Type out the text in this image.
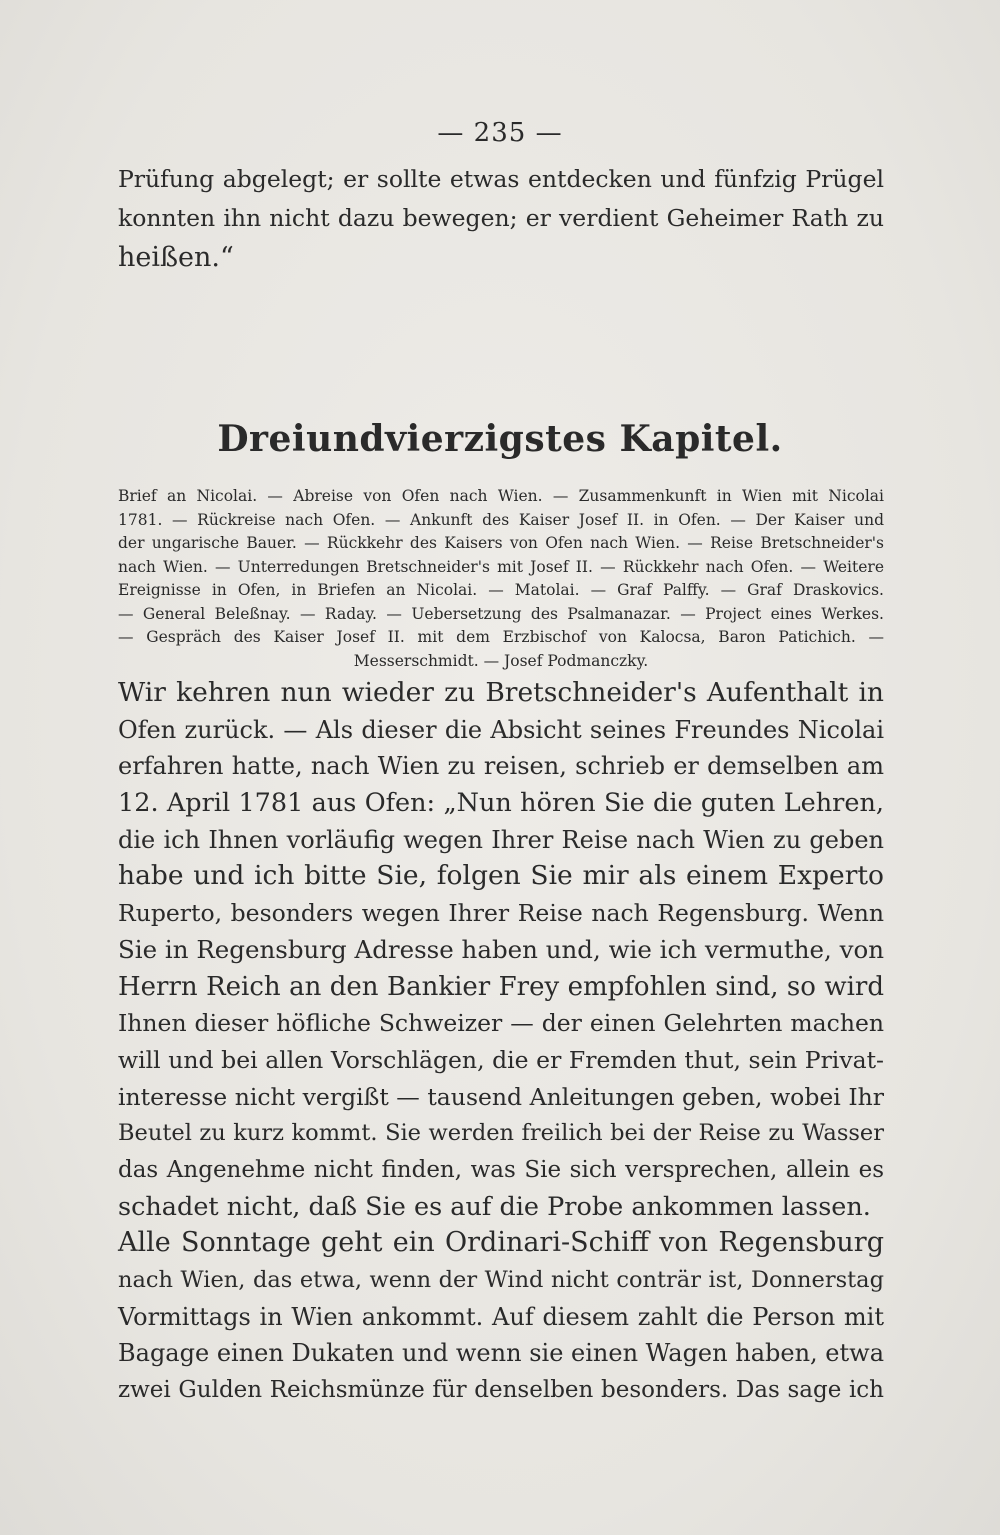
— 235 —
Prüfung abgelegt; er sollte etwas entdecken und fünfzig Prügel
konnten ihn nicht dazu bewegen; er verdient Geheimer Rath zu
heißen.“
Dreiundvierzigstes Kapitel.
Brief an Nicolai. — Abreise von Ofen nach Wien. — Zusammenkunft in Wien mit Nicolai
1781. — Rückreise nach Ofen. — Ankunft des Kaiser Josef II. in Ofen. — Der Kaiser und
der ungarische Bauer. — Rückkehr des Kaisers von Ofen nach Wien. — Reise Bretschneider's
nach Wien. — Unterredungen Bretschneider's mit Josef II. — Rückkehr nach Ofen. — Weitere
Ereignisse in Ofen, in Briefen an Nicolai. — Matolai. — Graf Palffy. — Graf Draskovics.
— General Beleßnay. — Raday. — Uebersetzung des Psalmanazar. — Project eines Werkes.
— Gespräch des Kaiser Josef II. mit dem Erzbischof von Kalocsa, Baron Patichich. —
Messerschmidt. — Josef Podmanczky.
Wir kehren nun wieder zu Bretschneider's Aufenthalt in
Ofen zurück. — Als dieser die Absicht seines Freundes Nicolai
erfahren hatte, nach Wien zu reisen, schrieb er demselben am
12. April 1781 aus Ofen: „Nun hören Sie die guten Lehren,
die ich Ihnen vorläufig wegen Ihrer Reise nach Wien zu geben
habe und ich bitte Sie, folgen Sie mir als einem Experto
Ruperto, besonders wegen Ihrer Reise nach Regensburg. Wenn
Sie in Regensburg Adresse haben und, wie ich vermuthe, von
Herrn Reich an den Bankier Frey empfohlen sind, so wird
Ihnen dieser höfliche Schweizer — der einen Gelehrten machen
will und bei allen Vorschlägen, die er Fremden thut, sein Privat-
interesse nicht vergißt — tausend Anleitungen geben, wobei Ihr
Beutel zu kurz kommt. Sie werden freilich bei der Reise zu Wasser
das Angenehme nicht finden, was Sie sich versprechen, allein es
schadet nicht, daß Sie es auf die Probe ankommen lassen.
Alle Sonntage geht ein Ordinari-Schiff von Regensburg
nach Wien, das etwa, wenn der Wind nicht conträr ist, Donnerstag
Vormittags in Wien ankommt. Auf diesem zahlt die Person mit
Bagage einen Dukaten und wenn sie einen Wagen haben, etwa
zwei Gulden Reichsmünze für denselben besonders. Das sage ich
